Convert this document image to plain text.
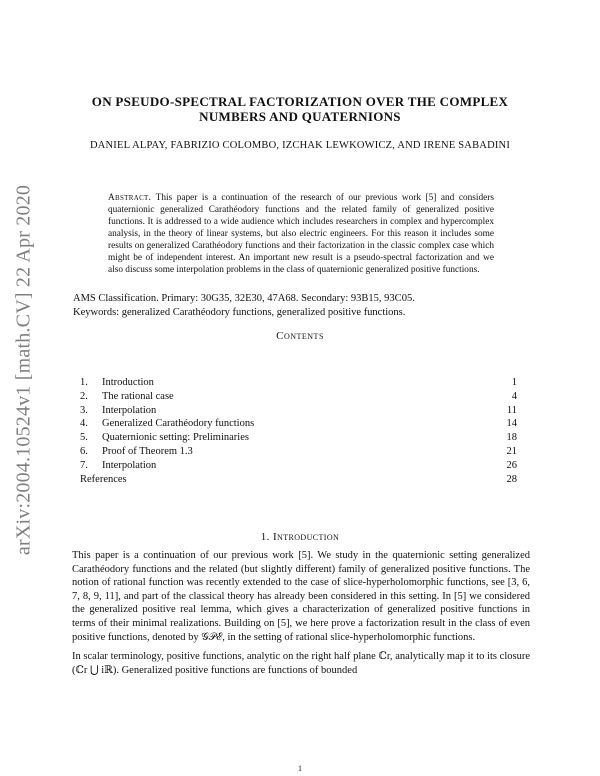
arXiv:2004.10524v1 [math.CV] 22 Apr 2020
ON PSEUDO-SPECTRAL FACTORIZATION OVER THE COMPLEX NUMBERS AND QUATERNIONS
DANIEL ALPAY, FABRIZIO COLOMBO, IZCHAK LEWKOWICZ, AND IRENE SABADINI
Abstract. This paper is a continuation of the research of our previous work [5] and considers quaternionic generalized Carathéodory functions and the related family of generalized positive functions. It is addressed to a wide audience which includes researchers in complex and hypercomplex analysis, in the theory of linear systems, but also electric engineers. For this reason it includes some results on generalized Carathéodory functions and their factorization in the classic complex case which might be of independent interest. An important new result is a pseudo-spectral factorization and we also discuss some interpolation problems in the class of quaternionic generalized positive functions.
AMS Classification. Primary: 30G35, 32E30, 47A68. Secondary: 93B15, 93C05.
Keywords: generalized Carathéodory functions, generalized positive functions.
Contents
1.	Introduction	1
2.	The rational case	4
3.	Interpolation	11
4.	Generalized Carathéodory functions	14
5.	Quaternionic setting: Preliminaries	18
6.	Proof of Theorem 1.3	21
7.	Interpolation	26
References	28
1. Introduction

This paper is a continuation of our previous work [5]. We study in the quaternionic setting generalized Carathéodory functions and the related (but slightly different) family of generalized positive functions. The notion of rational function was recently extended to the case of slice-hyperholomorphic functions, see [3, 6, 7, 8, 9, 11], and part of the classical theory has already been considered in this setting. In [5] we considered the generalized positive real lemma, which gives a characterization of generalized positive functions in terms of their minimal realizations. Building on [5], we here prove a factorization result in the class of even positive functions, denoted by 𝒢𝒫ℰ, in the setting of rational slice-hyperholomorphic functions.

In scalar terminology, positive functions, analytic on the right half plane ℂr, analytically map it to its closure (ℂr ⋃ iℝ). Generalized positive functions are functions of bounded

1
